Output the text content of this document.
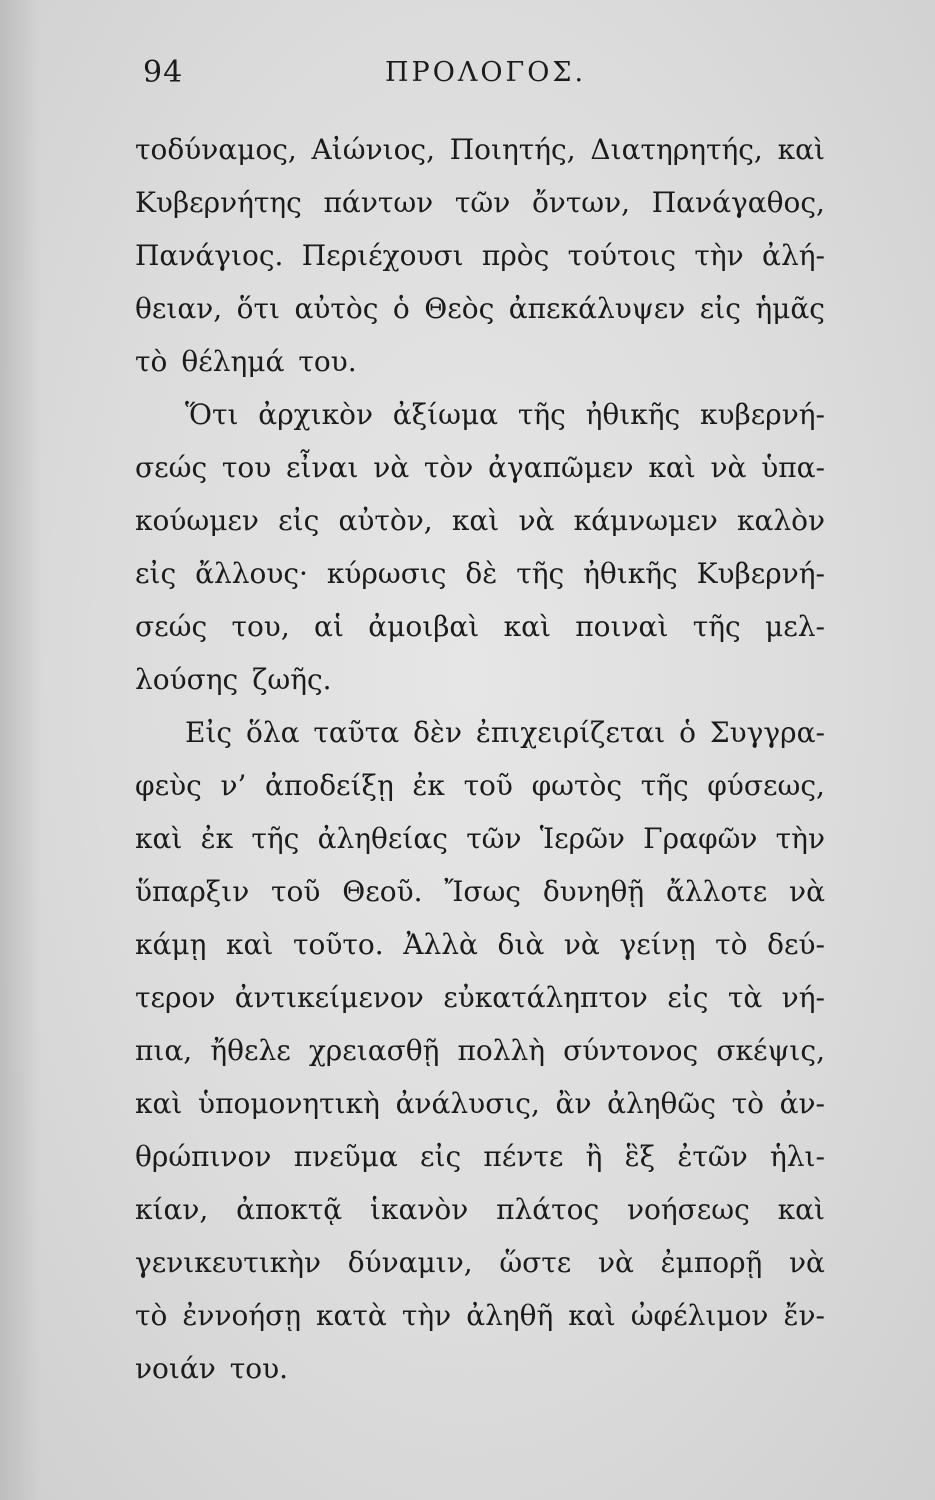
94	ΠΡΟΛΟΓΟΣ.
τοδύναμος, Αἰώνιος, Ποιητής, Διατηρητής, καὶ
Κυβερνήτης πάντων τῶν ὄντων, Πανάγαθος,
Πανάγιος. Περιέχουσι πρὸς τούτοις τὴν ἀλή-
θειαν, ὅτι αὐτὸς ὁ Θεὸς ἀπεκάλυψεν εἰς ἡμᾶς
τὸ θέλημά του.
Ὅτι ἀρχικὸν ἀξίωμα τῆς ἠθικῆς κυβερνή-
σεώς του εἶναι νὰ τὸν ἀγαπῶμεν καὶ νὰ ὑπα-
κούωμεν εἰς αὐτὸν, καὶ νὰ κάμνωμεν καλὸν
εἰς ἄλλους· κύρωσις δὲ τῆς ἠθικῆς Κυβερνή-
σεώς του, αἱ ἀμοιβαὶ καὶ ποιναὶ τῆς μελ-
λούσης ζωῆς.
Εἰς ὅλα ταῦτα δὲν ἐπιχειρίζεται ὁ Συγγρα-
φεὺς ν’ ἀποδείξῃ ἐκ τοῦ φωτὸς τῆς φύσεως,
καὶ ἐκ τῆς ἀληθείας τῶν Ἱερῶν Γραφῶν τὴν
ὕπαρξιν τοῦ Θεοῦ. Ἴσως δυνηθῇ ἄλλοτε νὰ
κάμῃ καὶ τοῦτο. Ἀλλὰ διὰ νὰ γείνῃ τὸ δεύ-
τερον ἀντικείμενον εὐκατάληπτον εἰς τὰ νή-
πια, ἤθελε χρειασθῇ πολλὴ σύντονος σκέψις,
καὶ ὑπομονητικὴ ἀνάλυσις, ἂν ἀληθῶς τὸ ἀν-
θρώπινον πνεῦμα εἰς πέντε ἢ ἓξ ἐτῶν ἡλι-
κίαν, ἀποκτᾷ ἱκανὸν πλάτος νοήσεως καὶ
γενικευτικὴν δύναμιν, ὥστε νὰ ἐμπορῇ νὰ
τὸ ἐννοήσῃ κατὰ τὴν ἀληθῆ καὶ ὠφέλιμον ἔν-
νοιάν του.
